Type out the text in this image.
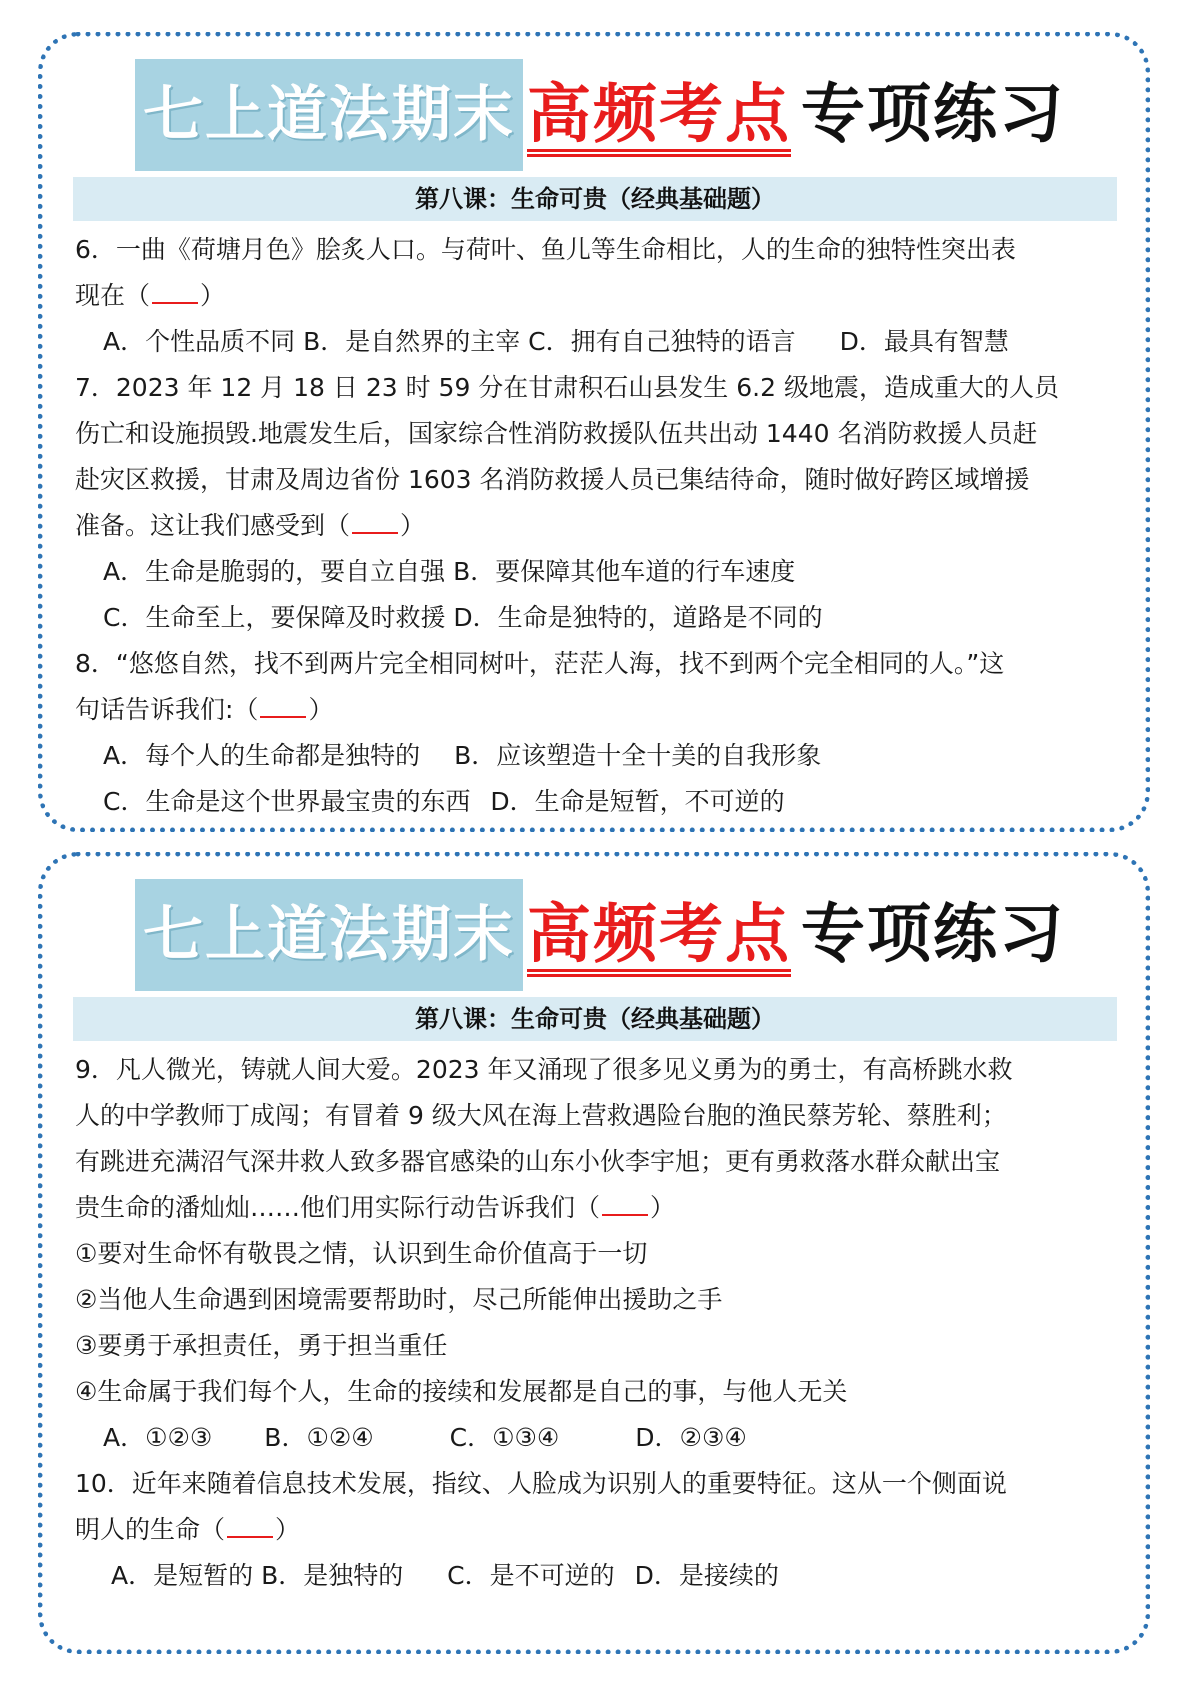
七上道法期末 高频考点 专项练习
第八课：生命可贵（经典基础题）

6．一曲《荷塘月色》脍炙人口。与荷叶、鱼儿等生命相比，人的生命的独特性突出表

现在（ ）

A．个性品质不同 B．是自然界的主宰 C．拥有自己独特的语言 D．最具有智慧

7．2023 年 12 月 18 日 23 时 59 分在甘肃积石山县发生 6.2 级地震，造成重大的人员

伤亡和设施损毁.地震发生后，国家综合性消防救援队伍共出动 1440 名消防救援人员赶

赴灾区救援，甘肃及周边省份 1603 名消防救援人员已集结待命，随时做好跨区域增援

准备。这让我们感受到（ ）

A．生命是脆弱的，要自立自强 B．要保障其他车道的行车速度

C．生命至上，要保障及时救援 D．生命是独特的，道路是不同的

8．“悠悠自然，找不到两片完全相同树叶，茫茫人海，找不到两个完全相同的人。”这

句话告诉我们:（ ）

A．每个人的生命都是独特的 B．应该塑造十全十美的自我形象

C．生命是这个世界最宝贵的东西 D．生命是短暂，不可逆的

七上道法期末 高频考点 专项练习
第八课：生命可贵（经典基础题）

9．凡人微光，铸就人间大爱。2023 年又涌现了很多见义勇为的勇士，有高桥跳水救

人的中学教师丁成闯；有冒着 9 级大风在海上营救遇险台胞的渔民蔡芳轮、蔡胜利；

有跳进充满沼气深井救人致多器官感染的山东小伙李宇旭；更有勇救落水群众献出宝

贵生命的潘灿灿……他们用实际行动告诉我们（ ）

①要对生命怀有敬畏之情，认识到生命价值高于一切

②当他人生命遇到困境需要帮助时，尽己所能伸出援助之手

③要勇于承担责任，勇于担当重任

④生命属于我们每个人，生命的接续和发展都是自己的事，与他人无关

A．①②③ B．①②④	C．①③④	D．②③④

10．近年来随着信息技术发展，指纹、人脸成为识别人的重要特征。这从一个侧面说

明人的生命（ ）

A．是短暂的 B．是独特的 C．是不可逆的 D．是接续的
